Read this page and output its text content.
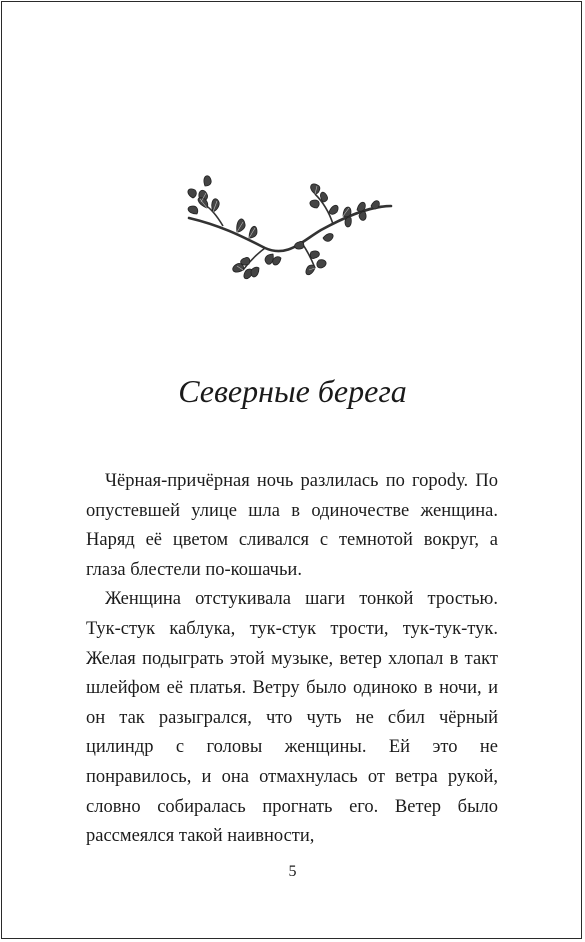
Северные берега

Чёрная-причёрная ночь разлилась по гороdу. По опустевшей улице шла в одиночестве женщина. Наряд её цветом сливался с темнотой вокруг, а глаза блестели по-кошачьи.

Женщина отстукивала шаги тонкой тростью. Тук-стук каблука, тук-стук трости, тук-тук-тук. Желая подыграть этой музыке, ветер хлопал в такт шлейфом её платья. Ветру было одиноко в ночи, и он так разыгрался, что чуть не сбил чёрный цилиндр с головы женщины. Ей это не понравилось, и она отмахнулась от ветра рукой, словно собиралась прогнать его. Ветер было рассмеялся такой наивности,

5
